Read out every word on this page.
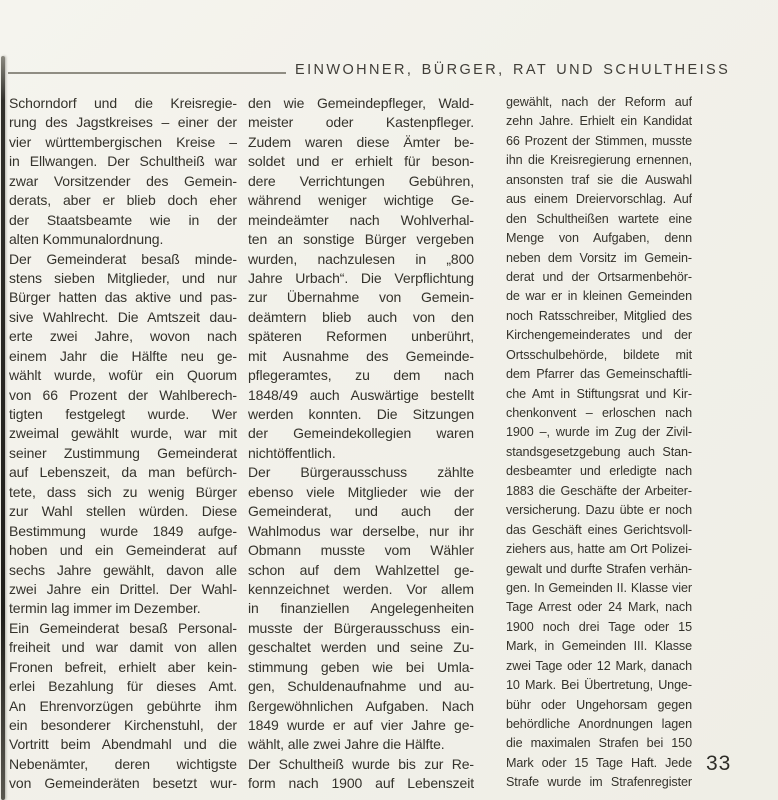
EINWOHNER, BÜRGER, RAT UND SCHULTHEISS
Schorndorf und die Kreisregie-
rung des Jagstkreises – einer der
vier württembergischen Kreise –
in Ellwangen. Der Schultheiß war
zwar Vorsitzender des Gemein-
derats, aber er blieb doch eher
der Staatsbeamte wie in der
alten Kommunalordnung.
Der Gemeinderat besaß minde-
stens sieben Mitglieder, und nur
Bürger hatten das aktive und pas-
sive Wahlrecht. Die Amtszeit dau-
erte zwei Jahre, wovon nach
einem Jahr die Hälfte neu ge-
wählt wurde, wofür ein Quorum
von 66 Prozent der Wahlberech-
tigten festgelegt wurde. Wer
zweimal gewählt wurde, war mit
seiner Zustimmung Gemeinderat
auf Lebenszeit, da man befürch-
tete, dass sich zu wenig Bürger
zur Wahl stellen würden. Diese
Bestimmung wurde 1849 aufge-
hoben und ein Gemeinderat auf
sechs Jahre gewählt, davon alle
zwei Jahre ein Drittel. Der Wahl-
termin lag immer im Dezember.
Ein Gemeinderat besaß Personal-
freiheit und war damit von allen
Fronen befreit, erhielt aber kein-
erlei Bezahlung für dieses Amt.
An Ehrenvorzügen gebührte ihm
ein besonderer Kirchenstuhl, der
Vortritt beim Abendmahl und die
Nebenämter, deren wichtigste
von Gemeinderäten besetzt wur-
den wie Gemeindepfleger, Wald-
meister oder Kastenpfleger.
Zudem waren diese Ämter be-
soldet und er erhielt für beson-
dere Verrichtungen Gebühren,
während weniger wichtige Ge-
meindeämter nach Wohlverhal-
ten an sonstige Bürger vergeben
wurden, nachzulesen in „800
Jahre Urbach“. Die Verpflichtung
zur Übernahme von Gemein-
deämtern blieb auch von den
späteren Reformen unberührt,
mit Ausnahme des Gemeinde-
pflegeramtes, zu dem nach
1848/49 auch Auswärtige bestellt
werden konnten. Die Sitzungen
der Gemeindekollegien waren
nichtöffentlich.
Der Bürgerausschuss zählte
ebenso viele Mitglieder wie der
Gemeinderat, und auch der
Wahlmodus war derselbe, nur ihr
Obmann musste vom Wähler
schon auf dem Wahlzettel ge-
kennzeichnet werden. Vor allem
in finanziellen Angelegenheiten
musste der Bürgerausschuss ein-
geschaltet werden und seine Zu-
stimmung geben wie bei Umla-
gen, Schuldenaufnahme und au-
ßergewöhnlichen Aufgaben. Nach
1849 wurde er auf vier Jahre ge-
wählt, alle zwei Jahre die Hälfte.
Der Schultheiß wurde bis zur Re-
form nach 1900 auf Lebenszeit
gewählt, nach der Reform auf
zehn Jahre. Erhielt ein Kandidat
66 Prozent der Stimmen, musste
ihn die Kreisregierung ernennen,
ansonsten traf sie die Auswahl
aus einem Dreiervorschlag. Auf
den Schultheißen wartete eine
Menge von Aufgaben, denn
neben dem Vorsitz im Gemein-
derat und der Ortsarmenbehör-
de war er in kleinen Gemeinden
noch Ratsschreiber, Mitglied des
Kirchengemeinderates und der
Ortsschulbehörde, bildete mit
dem Pfarrer das Gemeinschaftli-
che Amt in Stiftungsrat und Kir-
chenkonvent – erloschen nach
1900 –, wurde im Zug der Zivil-
standsgesetzgebung auch Stan-
desbeamter und erledigte nach
1883 die Geschäfte der Arbeiter-
versicherung. Dazu übte er noch
das Geschäft eines Gerichtsvoll-
ziehers aus, hatte am Ort Polizei-
gewalt und durfte Strafen verhän-
gen. In Gemeinden II. Klasse vier
Tage Arrest oder 24 Mark, nach
1900 noch drei Tage oder 15
Mark, in Gemeinden III. Klasse
zwei Tage oder 12 Mark, danach
10 Mark. Bei Übertretung, Unge-
bühr oder Ungehorsam gegen
behördliche Anordnungen lagen
die maximalen Strafen bei 150
Mark oder 15 Tage Haft. Jede
Strafe wurde im Strafenregister
33
